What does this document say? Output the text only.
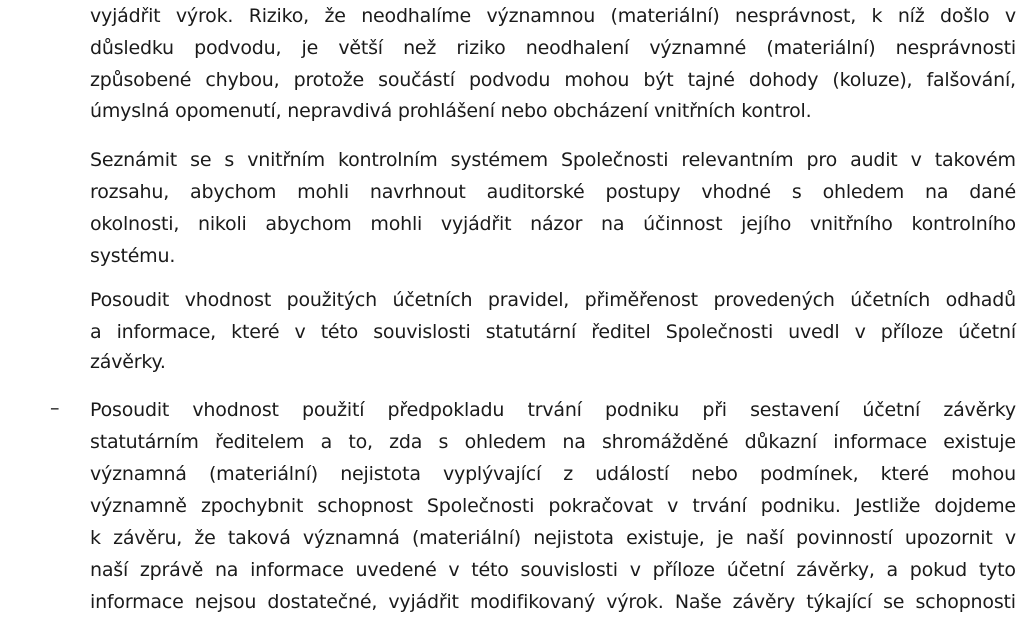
vyjádřit výrok. Riziko, že neodhalíme významnou (materiální) nesprávnost, k níž došlo v
důsledku podvodu, je větší než riziko neodhalení významné (materiální) nesprávnosti
způsobené chybou, protože součástí podvodu mohou být tajné dohody (koluze), falšování,
úmyslná opomenutí, nepravdivá prohlášení nebo obcházení vnitřních kontrol.
Seznámit se s vnitřním kontrolním systémem Společnosti relevantním pro audit v takovém
rozsahu, abychom mohli navrhnout auditorské postupy vhodné s ohledem na dané
okolnosti, nikoli abychom mohli vyjádřit názor na účinnost jejího vnitřního kontrolního
systému.
Posoudit vhodnost použitých účetních pravidel, přiměřenost provedených účetních odhadů
a informace, které v této souvislosti statutární ředitel Společnosti uvedl v příloze účetní
závěrky.
– Posoudit vhodnost použití předpokladu trvání podniku při sestavení účetní závěrky
statutárním ředitelem a to, zda s ohledem na shromážděné důkazní informace existuje
významná (materiální) nejistota vyplývající z událostí nebo podmínek, které mohou
významně zpochybnit schopnost Společnosti pokračovat v trvání podniku. Jestliže dojdeme
k závěru, že taková významná (materiální) nejistota existuje, je naší povinností upozornit v
naší zprávě na informace uvedené v této souvislosti v příloze účetní závěrky, a pokud tyto
informace nejsou dostatečné, vyjádřit modifikovaný výrok. Naše závěry týkající se schopnosti
